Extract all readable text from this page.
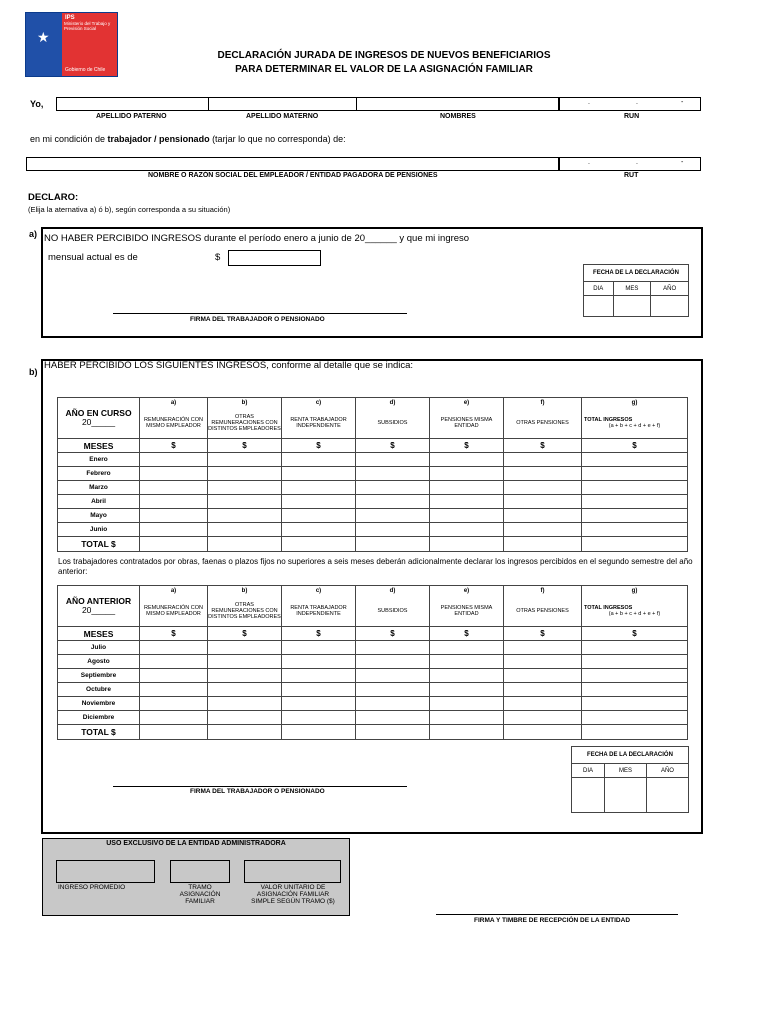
★
IPS
Gobierno de Chile
Ministerio del Trabajo y Previsión Social
DECLARACIÓN JURADA DE INGRESOS DE NUEVOS BENEFICIARIOS
PARA DETERMINAR EL VALOR DE LA ASIGNACIÓN FAMILIAR
Yo,	.	.	-
APELLIDO PATERNO	APELLIDO MATERNO	NOMBRES	RUN
en mi condición de trabajador / pensionado (tarjar lo que no corresponda) de:
.	.	-
NOMBRE O RAZÓN SOCIAL DEL EMPLEADOR / ENTIDAD PAGADORA DE PENSIONES	RUT
DECLARO:
(Elija la aternativa a) ó b), según corresponda a su situación)
a) NO HABER PERCIBIDO INGRESOS durante el período enero a junio de 20______ y que mi ingreso
mensual actual es de	$
FIRMA DEL TRABAJADOR O PENSIONADO
FECHA DE LA DECLARACIÓN		
DIA	MES	AÑO

b)
HABER PERCIBIDO LOS SIGUIENTES INGRESOS, conforme al detalle que se indica:
AÑO EN CURSO
20_____	a)	b)	c)	d)	e)	f)	g)

	REMUNERACIÓN CON MISMO EMPLEADOR	OTRAS REMUNERACIONES CON DISTINTOS EMPLEADORES	RENTA TRABAJADOR INDEPENDIENTE	SUBSIDIOS	PENSIONES MISMA ENTIDAD	OTRAS PENSIONES	TOTAL INGRESOS
(a + b + c + d + e + f)

MESES	$	$	$	$	$	$	$
Enero							
Febrero							
Marzo							
Abril							
Mayo							
Junio							
TOTAL $							
Los trabajadores contratados por obras, faenas o plazos fijos no superiores a seis meses deberán adicionalmente declarar los ingresos percibidos en el segundo semestre del año anterior:
AÑO ANTERIOR
20_____	a)	b)	c)	d)	e)	f)	g)

	REMUNERACIÓN CON MISMO EMPLEADOR	OTRAS REMUNERACIONES CON DISTINTOS EMPLEADORES	RENTA TRABAJADOR INDEPENDIENTE	SUBSIDIOS	PENSIONES MISMA ENTIDAD	OTRAS PENSIONES	TOTAL INGRESOS
(a + b + c + d + e + f)

MESES	$	$	$	$	$	$	$
Julio							
Agosto							
Septiembre							
Octubre							
Noviembre							
Diciembre							
TOTAL $							
FIRMA DEL TRABAJADOR O PENSIONADO
FECHA DE LA DECLARACIÓN		
DIA	MES	AÑO

USO EXCLUSIVO DE LA ENTIDAD ADMINISTRADORA
INGRESO PROMEDIO	TRAMO ASIGNACIÓN FAMILIAR
VALOR UNITARIO DE ASIGNACIÓN FAMILIAR SIMPLE SEGÚN TRAMO ($)
FIRMA Y TIMBRE DE RECEPCIÓN DE LA ENTIDAD
